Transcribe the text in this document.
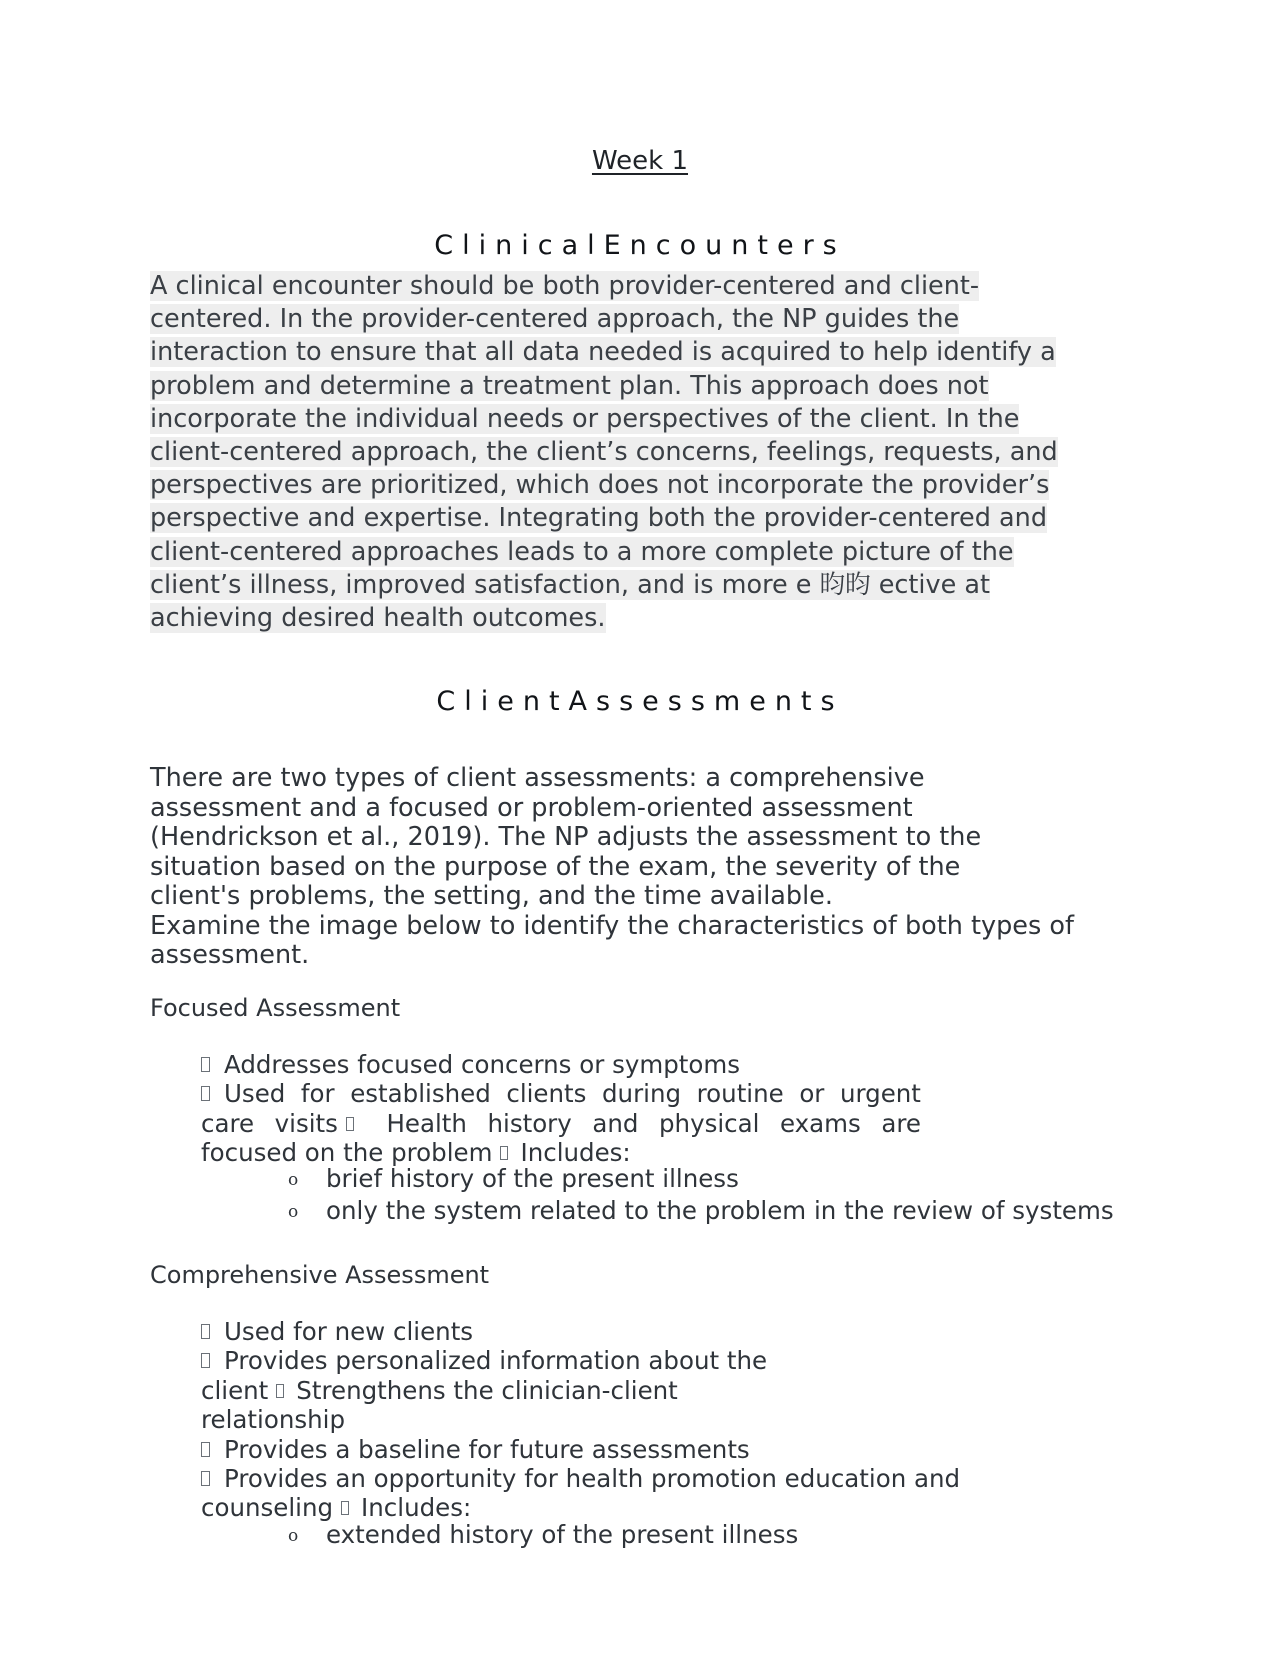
Week 1
ClinicalEncounters
A clinical encounter should be both provider-centered and client-
centered. In the provider-centered approach, the NP guides the
interaction to ensure that all data needed is acquired to help identify a
problem and determine a treatment plan. This approach does not
incorporate the individual needs or perspectives of the client. In the
client-centered approach, the client’s concerns, feelings, requests, and
perspectives are prioritized, which does not incorporate the provider’s
perspective and expertise. Integrating both the provider-centered and
client-centered approaches leads to a more complete picture of the
client’s illness, improved satisfaction, and is more e 昀昀 ective at
achieving desired health outcomes.
ClientAssessments
There are two types of client assessments: a comprehensive
assessment and a focused or problem-oriented assessment
(Hendrickson et al., 2019). The NP adjusts the assessment to the
situation based on the purpose of the exam, the severity of the
client's problems, the setting, and the time available.
Examine the image below to identify the characteristics of both types of
assessment.
Focused Assessment
Addresses focused concerns or symptoms
Used for established clients during routine or urgent
care visits	Health history and physical exams are
focused on the problem Includes:
o brief history of the present illness
o only the system related to the problem in the review of systems
Comprehensive Assessment
Used for new clients
Provides personalized information about the
client Strengthens the clinician-client
relationship
Provides a baseline for future assessments
Provides an opportunity for health promotion education and
counseling Includes:
o extended history of the present illness
